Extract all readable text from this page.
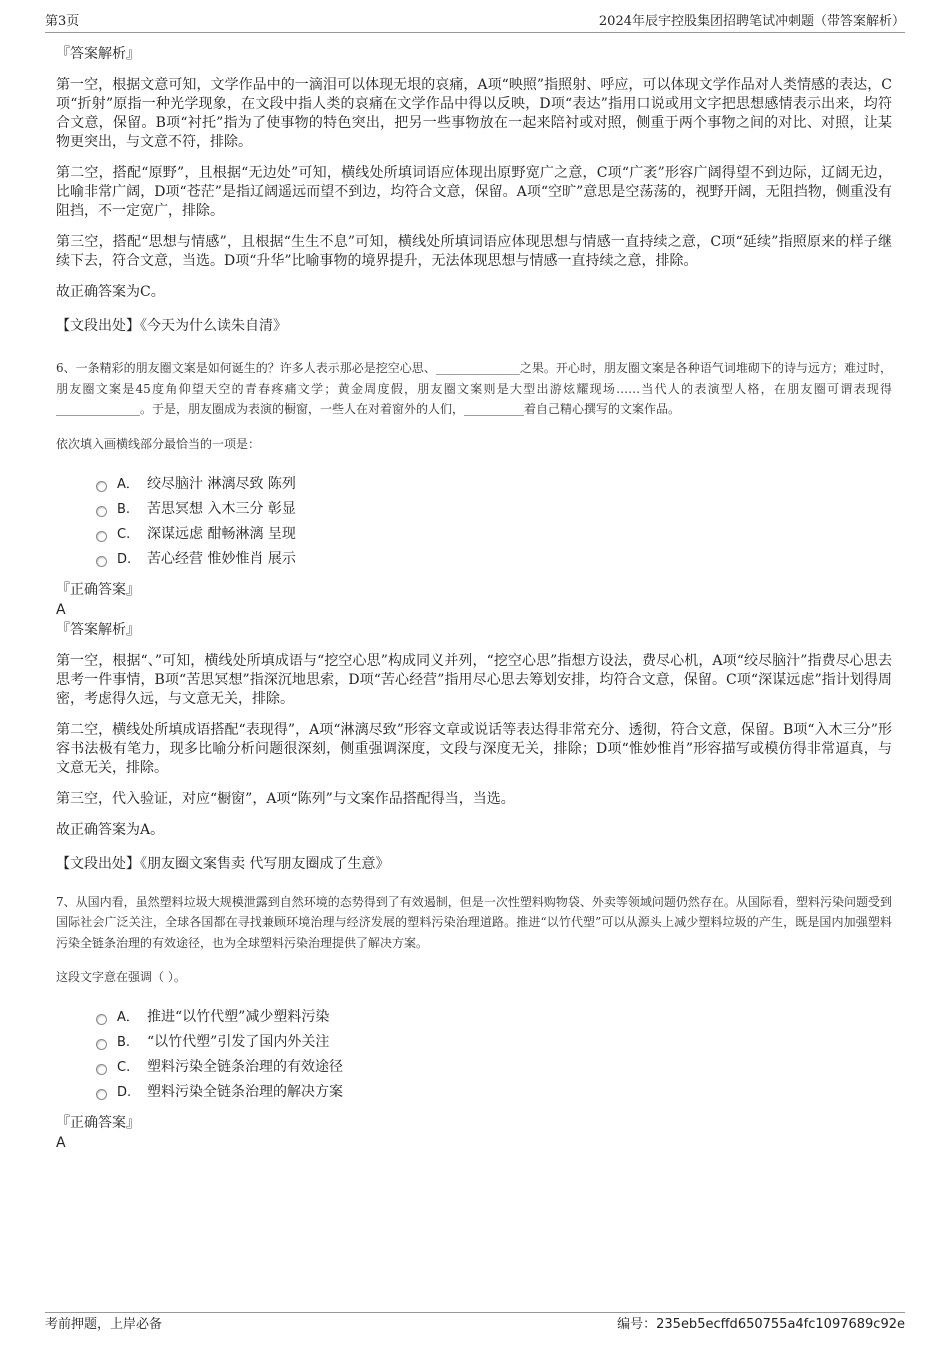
第3页	2024年辰宇控股集团招聘笔试冲刺题（带答案解析）

『答案解析』

第一空，根据文意可知，文学作品中的一滴泪可以体现无垠的哀痛，A项“映照”指照射、呼应，可以体现文学作品对人类情感的表达，C项“折射”原指一种光学现象，在文段中指人类的哀痛在文学作品中得以反映，D项“表达”指用口说或用文字把思想感情表示出来，均符合文意，保留。B项“衬托”指为了使事物的特色突出，把另一些事物放在一起来陪衬或对照，侧重于两个事物之间的对比、对照，让某物更突出，与文意不符，排除。

第二空，搭配“原野”，且根据“无边处”可知，横线处所填词语应体现出原野宽广之意，C项“广袤”形容广阔得望不到边际，辽阔无边，比喻非常广阔，D项“苍茫”是指辽阔遥远而望不到边，均符合文意，保留。A项“空旷”意思是空荡荡的，视野开阔，无阻挡物，侧重没有阻挡，不一定宽广，排除。

第三空，搭配“思想与情感”，且根据“生生不息”可知，横线处所填词语应体现思想与情感一直持续之意，C项“延续”指照原来的样子继续下去，符合文意，当选。D项“升华”比喻事物的境界提升，无法体现思想与情感一直持续之意，排除。

故正确答案为C。

【文段出处】《今天为什么读朱自清》

6、一条精彩的朋友圈文案是如何诞生的？许多人表示那必是挖空心思、______________之果。开心时，朋友圈文案是各种语气词堆砌下的诗与远方；难过时，朋友圈文案是45度角仰望天空的青春疼痛文学；黄金周度假，朋友圈文案则是大型出游炫耀现场……当代人的表演型人格，在朋友圈可谓表现得______________。于是，朋友圈成为表演的橱窗，一些人在对着窗外的人们，__________着自己精心撰写的文案作品。

依次填入画横线部分最恰当的一项是：

A． 绞尽脑汁 淋漓尽致 陈列
B.	苦思冥想 入木三分 彰显
C.	深谋远虑 酣畅淋漓 呈现
D.	苦心经营 惟妙惟肖 展示

『正确答案』

A

『答案解析』

第一空，根据“、”可知，横线处所填成语与“挖空心思”构成同义并列，“挖空心思”指想方设法，费尽心机，A项“绞尽脑汁”指费尽心思去思考一件事情，B项“苦思冥想”指深沉地思索，D项“苦心经营”指用尽心思去筹划安排，均符合文意，保留。C项“深谋远虑”指计划得周密，考虑得久远，与文意无关，排除。

第二空，横线处所填成语搭配“表现得”，A项“淋漓尽致”形容文章或说话等表达得非常充分、透彻，符合文意，保留。B项“入木三分”形容书法极有笔力，现多比喻分析问题很深刻，侧重强调深度，文段与深度无关，排除；D项“惟妙惟肖”形容描写或模仿得非常逼真，与文意无关，排除。

第三空，代入验证，对应“橱窗”，A项“陈列”与文案作品搭配得当，当选。

故正确答案为A。

【文段出处】《朋友圈文案售卖 代写朋友圈成了生意》

7、从国内看，虽然塑料垃圾大规模泄露到自然环境的态势得到了有效遏制，但是一次性塑料购物袋、外卖等领域问题仍然存在。从国际看，塑料污染问题受到国际社会广泛关注，全球各国都在寻找兼顾环境治理与经济发展的塑料污染治理道路。推进“以竹代塑”可以从源头上减少塑料垃圾的产生，既是国内加强塑料污染全链条治理的有效途径，也为全球塑料污染治理提供了解决方案。

这段文字意在强调（ ）。

A． 推进“以竹代塑”减少塑料污染
B.	“以竹代塑”引发了国内外关注
C.	塑料污染全链条治理的有效途径
D.	塑料污染全链条治理的解决方案

『正确答案』

A

考前押题，上岸必备	编号：235eb5ecffd650755a4fc1097689c92e
